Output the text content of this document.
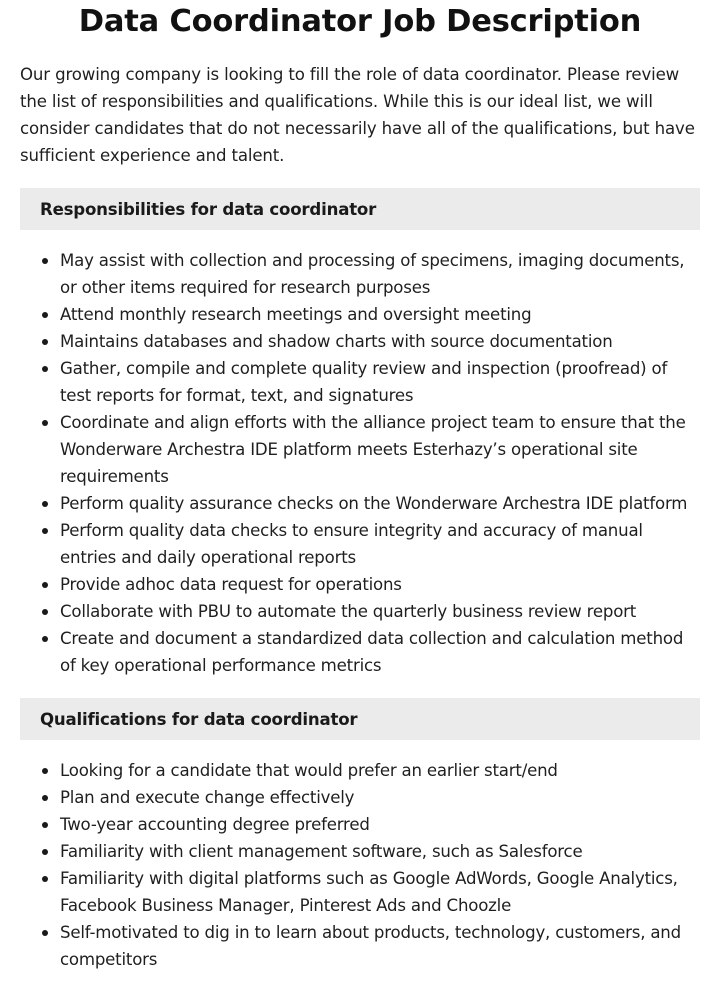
Data Coordinator Job Description

Our growing company is looking to fill the role of data coordinator. Please review the list of responsibilities and qualifications. While this is our ideal list, we will consider candidates that do not necessarily have all of the qualifications, but have sufficient experience and talent.

Responsibilities for data coordinator
May assist with collection and processing of specimens, imaging documents, or other items required for research purposes
Attend monthly research meetings and oversight meeting
Maintains databases and shadow charts with source documentation
Gather, compile and complete quality review and inspection (proofread) of test reports for format, text, and signatures
Coordinate and align efforts with the alliance project team to ensure that the Wonderware Archestra IDE platform meets Esterhazy’s operational site requirements
Perform quality assurance checks on the Wonderware Archestra IDE platform
Perform quality data checks to ensure integrity and accuracy of manual entries and daily operational reports
Provide adhoc data request for operations
Collaborate with PBU to automate the quarterly business review report
Create and document a standardized data collection and calculation method of key operational performance metrics
Qualifications for data coordinator
Looking for a candidate that would prefer an earlier start/end
Plan and execute change effectively
Two-year accounting degree preferred
Familiarity with client management software, such as Salesforce
Familiarity with digital platforms such as Google AdWords, Google Analytics, Facebook Business Manager, Pinterest Ads and Choozle
Self-motivated to dig in to learn about products, technology, customers, and competitors
